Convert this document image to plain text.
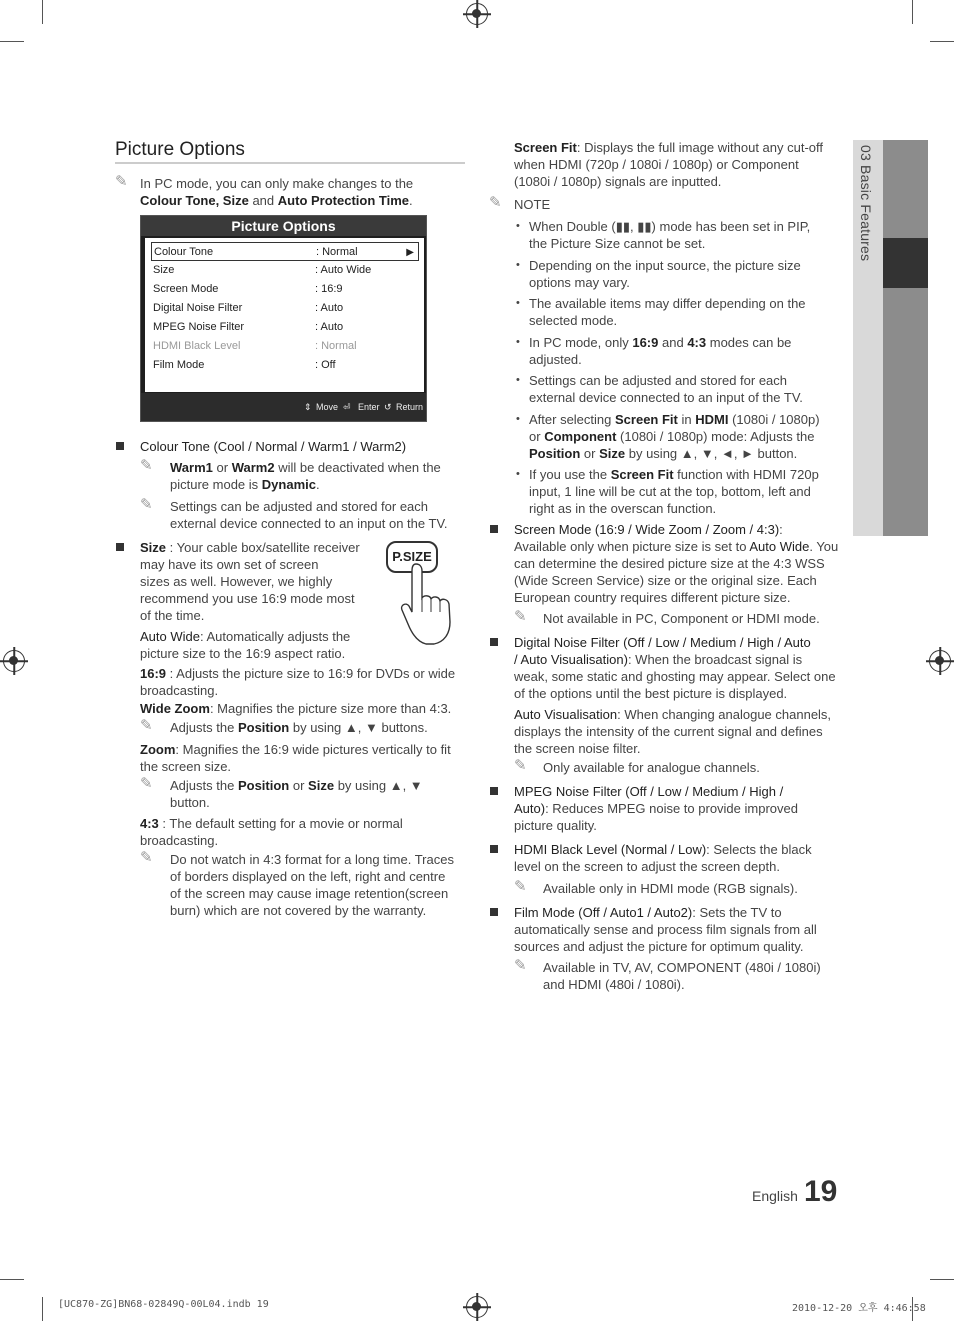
03 Basic Features
Picture Options
✎ In PC mode, you can only make changes to the
Colour Tone, Size and Auto Protection Time.
Picture Options
Colour Tone	: Normal	▶
Size	: Auto Wide
Screen Mode	: 16:9
Digital Noise Filter	: Auto
MPEG Noise Filter	: Auto
HDMI Black Level	: Normal
Film Mode	: Off
⇕ Move ⏎ Enter ↺ Return
Colour Tone (Cool / Normal / Warm1 / Warm2)
✎ Warm1 or Warm2 will be deactivated when the
picture mode is Dynamic.
✎ Settings can be adjusted and stored for each
external device connected to an input on the TV.
Size : Your cable box/satellite receiver
may have its own set of screen
sizes as well. However, we highly
recommend you use 16:9 mode most
of the time.
P.SIZE
Auto Wide: Automatically adjusts the
picture size to the 16:9 aspect ratio.
16:9 : Adjusts the picture size to 16:9 for DVDs or wide
broadcasting.
Wide Zoom: Magnifies the picture size more than 4:3.
✎ Adjusts the Position by using ▲, ▼ buttons.
Zoom: Magnifies the 16:9 wide pictures vertically to fit
the screen size.
✎ Adjusts the Position or Size by using ▲, ▼
button.
4:3 : The default setting for a movie or normal
broadcasting.
✎ Do not watch in 4:3 format for a long time. Traces
of borders displayed on the left, right and centre
of the screen may cause image retention(screen
burn) which are not covered by the warranty.
Screen Fit: Displays the full image without any cut-off
when HDMI (720p / 1080i / 1080p) or Component
(1080i / 1080p) signals are inputted.
✎ NOTE
• When Double (▮▮, ▮▮) mode has been set in PIP,
the Picture Size cannot be set.
• Depending on the input source, the picture size
options may vary.
• The available items may differ depending on the
selected mode.
• In PC mode, only 16:9 and 4:3 modes can be
adjusted.
• Settings can be adjusted and stored for each
external device connected to an input of the TV.
• After selecting Screen Fit in HDMI (1080i / 1080p)
or Component (1080i / 1080p) mode: Adjusts the
Position or Size by using ▲, ▼, ◄, ► button.
• If you use the Screen Fit function with HDMI 720p
input, 1 line will be cut at the top, bottom, left and
right as in the overscan function.
Screen Mode (16:9 / Wide Zoom / Zoom / 4:3):
Available only when picture size is set to Auto Wide. You
can determine the desired picture size at the 4:3 WSS
(Wide Screen Service) size or the original size. Each
European country requires different picture size.
✎ Not available in PC, Component or HDMI mode.
Digital Noise Filter (Off / Low / Medium / High / Auto
/ Auto Visualisation): When the broadcast signal is
weak, some static and ghosting may appear. Select one
of the options until the best picture is displayed.
Auto Visualisation: When changing analogue channels,
displays the intensity of the current signal and defines
the screen noise filter.
✎ Only available for analogue channels.
MPEG Noise Filter (Off / Low / Medium / High /
Auto): Reduces MPEG noise to provide improved
picture quality.
HDMI Black Level (Normal / Low): Selects the black
level on the screen to adjust the screen depth.
✎ Available only in HDMI mode (RGB signals).
Film Mode (Off / Auto1 / Auto2): Sets the TV to
automatically sense and process film signals from all
sources and adjust the picture for optimum quality.
✎ Available in TV, AV, COMPONENT (480i / 1080i)
and HDMI (480i / 1080i).
English 19
[UC870-ZG]BN68-02849Q-00L04.indb 19	2010-12-20 오후 4:46:58
